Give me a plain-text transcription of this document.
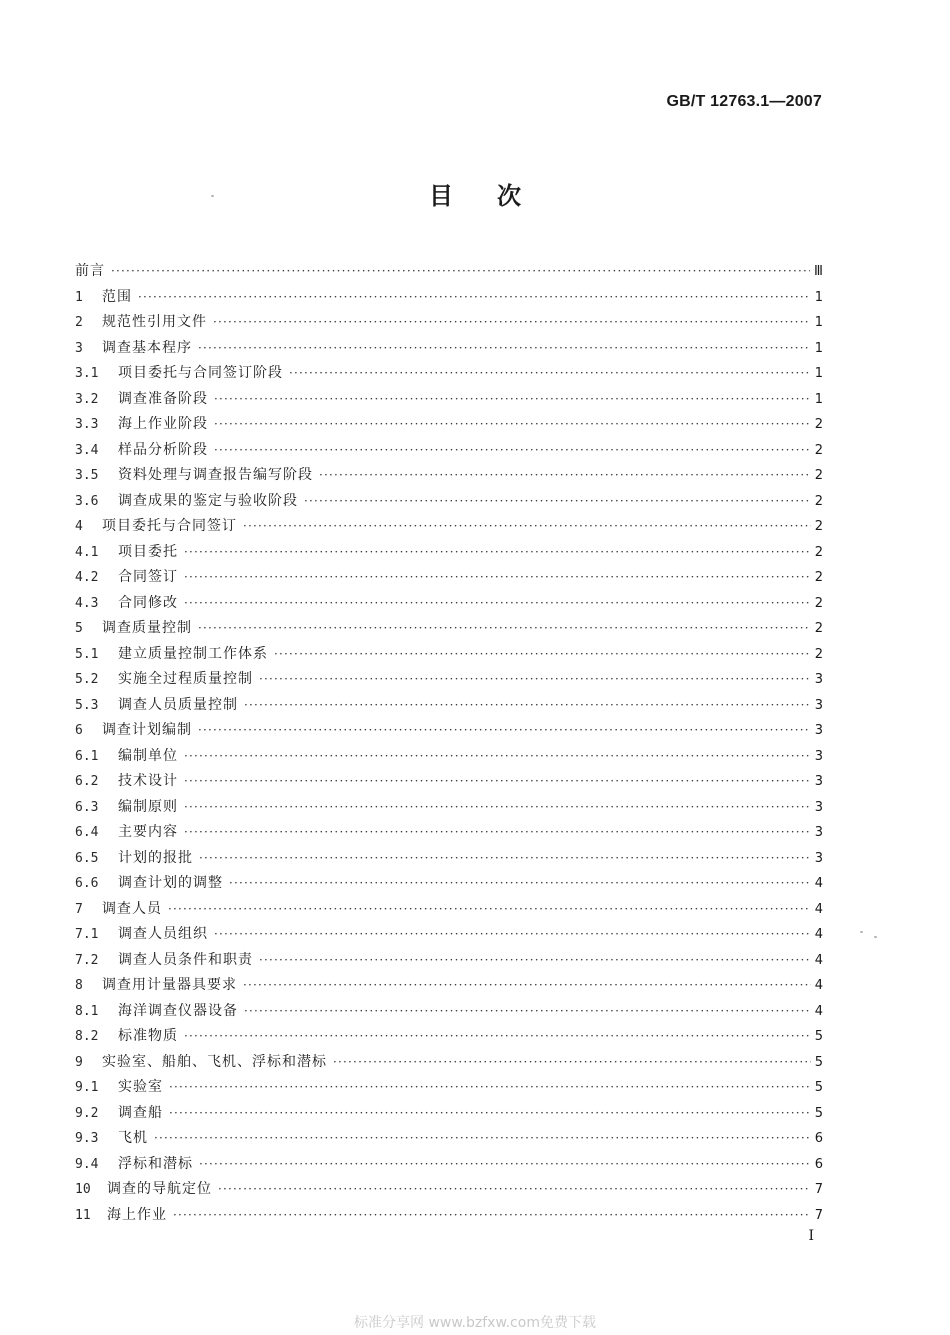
GB/T 12763.1—2007
目次
前言 ·····	Ⅲ
1	范围 ·····	1
2	规范性引用文件 ·····	1
3	调查基本程序 ·····	1
3.1	项目委托与合同签订阶段 ·····	1
3.2	调查准备阶段 ·····	1
3.3	海上作业阶段 ·····	2
3.4	样品分析阶段 ·····	2
3.5	资料处理与调查报告编写阶段 ·····	2
3.6	调查成果的鉴定与验收阶段 ·····	2
4	项目委托与合同签订 ·····	2
4.1	项目委托 ·····	2
4.2	合同签订 ·····	2
4.3	合同修改 ·····	2
5	调查质量控制 ·····	2
5.1	建立质量控制工作体系 ·····	2
5.2	实施全过程质量控制 ·····	3
5.3	调查人员质量控制 ·····	3
6	调查计划编制 ·····	3
6.1	编制单位 ·····	3
6.2	技术设计 ·····	3
6.3	编制原则 ·····	3
6.4	主要内容 ·····	3
6.5	计划的报批 ·····	3
6.6	调查计划的调整 ·····	4
7	调查人员 ·····	4
7.1	调查人员组织 ·····	4
7.2	调查人员条件和职责 ·····	4
8	调查用计量器具要求 ·····	4
8.1	海洋调查仪器设备 ·····	4
8.2	标准物质 ·····	5
9	实验室、船舶、飞机、浮标和潜标 ·····	5
9.1	实验室 ·····	5
9.2	调查船 ·····	5
9.3	飞机 ·····	6
9.4	浮标和潜标 ·····	6
10	调查的导航定位 ·····	7
11	海上作业 ·····	7
I
标准分享网 www.bzfxw.com免费下载
